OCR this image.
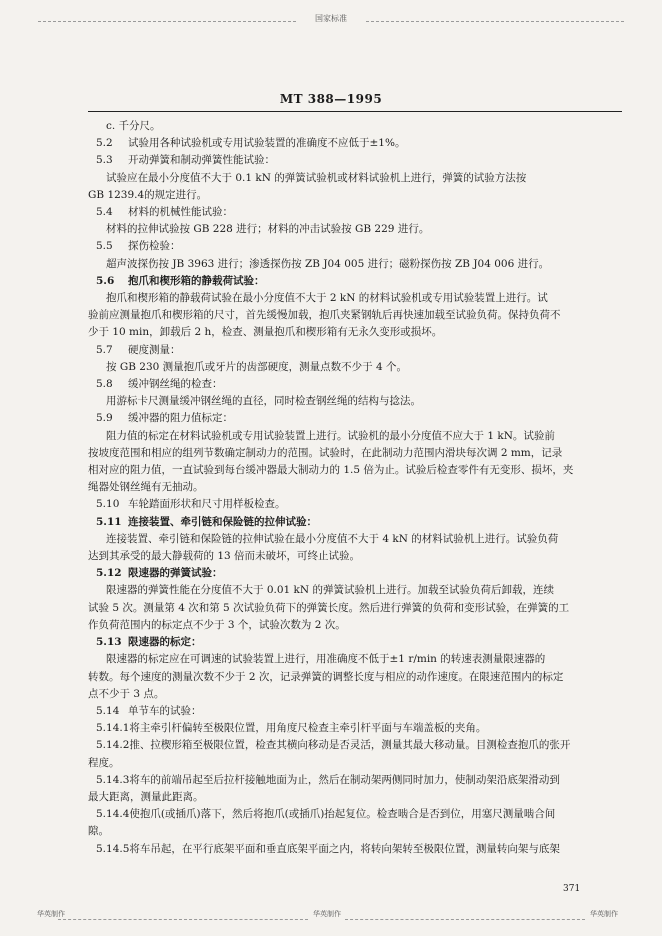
国家标准
MT 388—1995
c. 千分尺。
5.2 试验用各种试验机或专用试验装置的准确度不应低于±1%。
5.3 开动弹簧和制动弹簧性能试验：
试验应在最小分度值不大于 0.1 kN 的弹簧试验机或材料试验机上进行，弹簧的试验方法按
GB 1239.4的规定进行。
5.4 材料的机械性能试验：
材料的拉伸试验按 GB 228 进行；材料的冲击试验按 GB 229 进行。
5.5 探伤检验：
超声波探伤按 JB 3963 进行；渗透探伤按 ZB J04 005 进行；磁粉探伤按 ZB J04 006 进行。
5.6 抱爪和楔形箱的静载荷试验：
抱爪和楔形箱的静载荷试验在最小分度值不大于 2 kN 的材料试验机或专用试验装置上进行。试
验前应测量抱爪和楔形箱的尺寸，首先缓慢加载，抱爪夹紧钢轨后再快速加载至试验负荷。保持负荷不
少于 10 min，卸载后 2 h，检查、测量抱爪和楔形箱有无永久变形或损坏。
5.7 硬度测量：
按 GB 230 测量抱爪或牙片的齿部硬度，测量点数不少于 4 个。
5.8 缓冲钢丝绳的检查：
用游标卡尺测量缓冲钢丝绳的直径，同时检查钢丝绳的结构与捻法。
5.9 缓冲器的阻力值标定：
阻力值的标定在材料试验机或专用试验装置上进行。试验机的最小分度值不应大于 1 kN。试验前
按坡度范围和相应的组列节数确定制动力的范围。试验时，在此制动力范围内滑块每次调 2 mm，记录
相对应的阻力值，一直试验到每台缓冲器最大制动力的 1.5 倍为止。试验后检查零件有无变形、损坏，夹
绳器处钢丝绳有无抽动。
5.10 车轮踏面形状和尺寸用样板检查。
5.11 连接装置、牵引链和保险链的拉伸试验：
连接装置、牵引链和保险链的拉伸试验在最小分度值不大于 4 kN 的材料试验机上进行。试验负荷
达到其承受的最大静载荷的 13 倍而未破坏，可终止试验。
5.12 限速器的弹簧试验：
限速器的弹簧性能在分度值不大于 0.01 kN 的弹簧试验机上进行。加载至试验负荷后卸载，连续
试验 5 次。测量第 4 次和第 5 次试验负荷下的弹簧长度。然后进行弹簧的负荷和变形试验，在弹簧的工
作负荷范围内的标定点不少于 3 个，试验次数为 2 次。
5.13 限速器的标定：
限速器的标定应在可调速的试验装置上进行，用准确度不低于±1 r/min 的转速表测量限速器的
转数。每个速度的测量次数不少于 2 次，记录弹簧的调整长度与相应的动作速度。在限速范围内的标定
点不少于 3 点。
5.14 单节车的试验：
5.14.1将主牵引杆偏转至极限位置，用角度尺检查主牵引杆平面与车端盖板的夹角。
5.14.2推、拉楔形箱至极限位置，检查其横向移动是否灵活，测量其最大移动量。目测检查抱爪的张开
程度。
5.14.3将车的前端吊起至后拉杆接触地面为止，然后在制动架两侧同时加力，使制动架沿底架滑动到
最大距离，测量此距离。
5.14.4使抱爪(或插爪)落下，然后将抱爪(或插爪)抬起复位。检查啮合是否到位，用塞尺测量啮合间
隙。
5.14.5将车吊起，在平行底架平面和垂直底架平面之内，将转向架转至极限位置，测量转向架与底架
371
华英制作	华英制作	华英制作
